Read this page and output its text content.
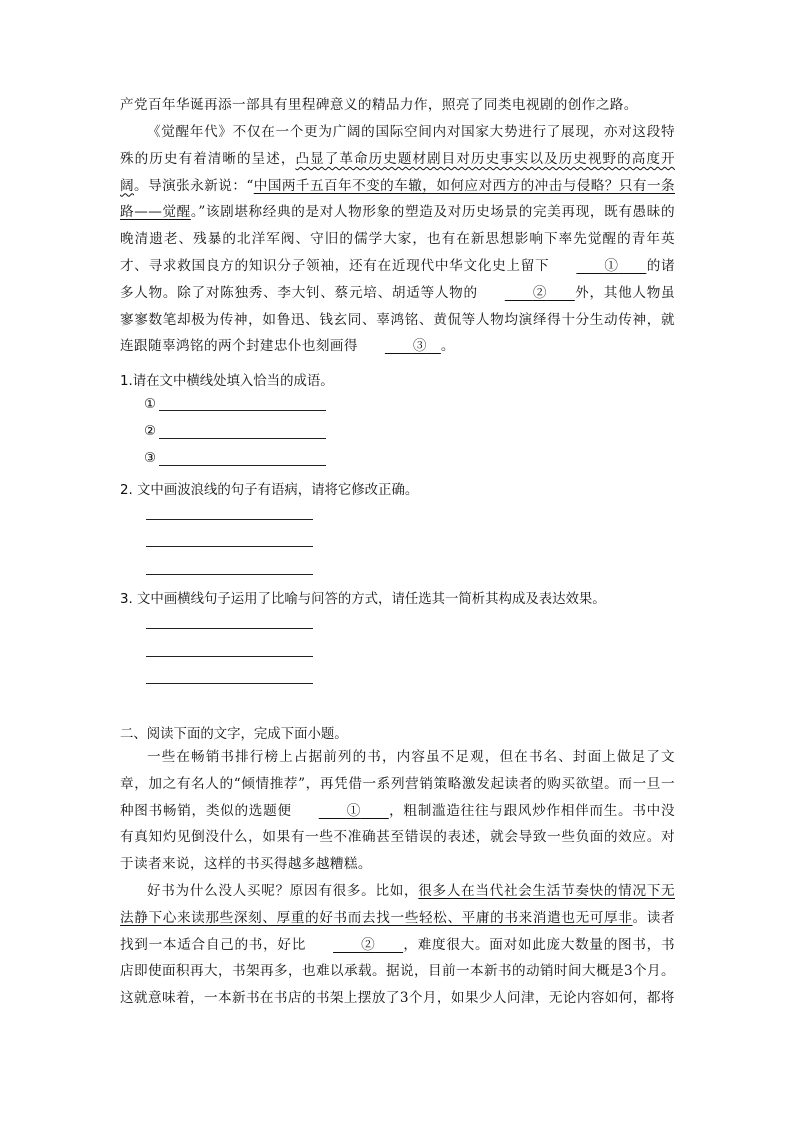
产党百年华诞再添一部具有里程碑意义的精品力作，照亮了同类电视剧的创作之路。
《觉醒年代》不仅在一个更为广阔的国际空间内对国家大势进行了展现，亦对这段特殊的历史有着清晰的呈述，凸显了革命历史题材剧目对历史事实以及历史视野的高度开阔。导演张永新说：“中国两千五百年不变的车辙，如何应对西方的冲击与侵略？只有一条路——觉醒。”该剧堪称经典的是对人物形象的塑造及对历史场景的完美再现，既有愚昧的晚清遗老、残暴的北洋军阀、守旧的儒学大家，也有在新思想影响下率先觉醒的青年英才、寻求救国良方的知识分子领袖，还有在近现代中华文化史上留下　　	①　　 的诸多人物。除了对陈独秀、李大钊、蔡元培、胡适等人物的　　	②　　 外，其他人物虽寥寥数笔却极为传神，如鲁迅、钱玄同、辜鸿铭、黄侃等人物均演绎得十分生动传神，就连跟随辜鸿铭的两个封建忠仆也刻画得　　	③　 。
1.请在文中横线处填入恰当的成语。
①
②
③
2. 文中画波浪线的句子有语病，请将它修改正确。
3. 文中画横线句子运用了比喻与问答的方式，请任选其一简析其构成及表达效果。
二、阅读下面的文字，完成下面小题。
一些在畅销书排行榜上占据前列的书，内容虽不足观，但在书名、封面上做足了文章，加之有名人的“倾情推荐”，再凭借一系列营销策略激发起读者的购买欲望。而一旦一种图书畅销，类似的选题便　　	①　　 ，粗制滥造往往与跟风炒作相伴而生。书中没有真知灼见倒没什么，如果有一些不准确甚至错误的表述，就会导致一些负面的效应。对于读者来说，这样的书买得越多越糟糕。
好书为什么没人买呢？原因有很多。比如，很多人在当代社会生活节奏快的情况下无法静下心来读那些深刻、厚重的好书而去找一些轻松、平庸的书来消遣也无可厚非。读者找到一本适合自己的书，好比　　	②　　 ，难度很大。面对如此庞大数量的图书，书店即使面积再大，书架再多，也难以承载。据说，目前一本新书的动销时间大概是3个月。这就意味着，一本新书在书店的书架上摆放了3个月，如果少人问津，无论内容如何，都将
